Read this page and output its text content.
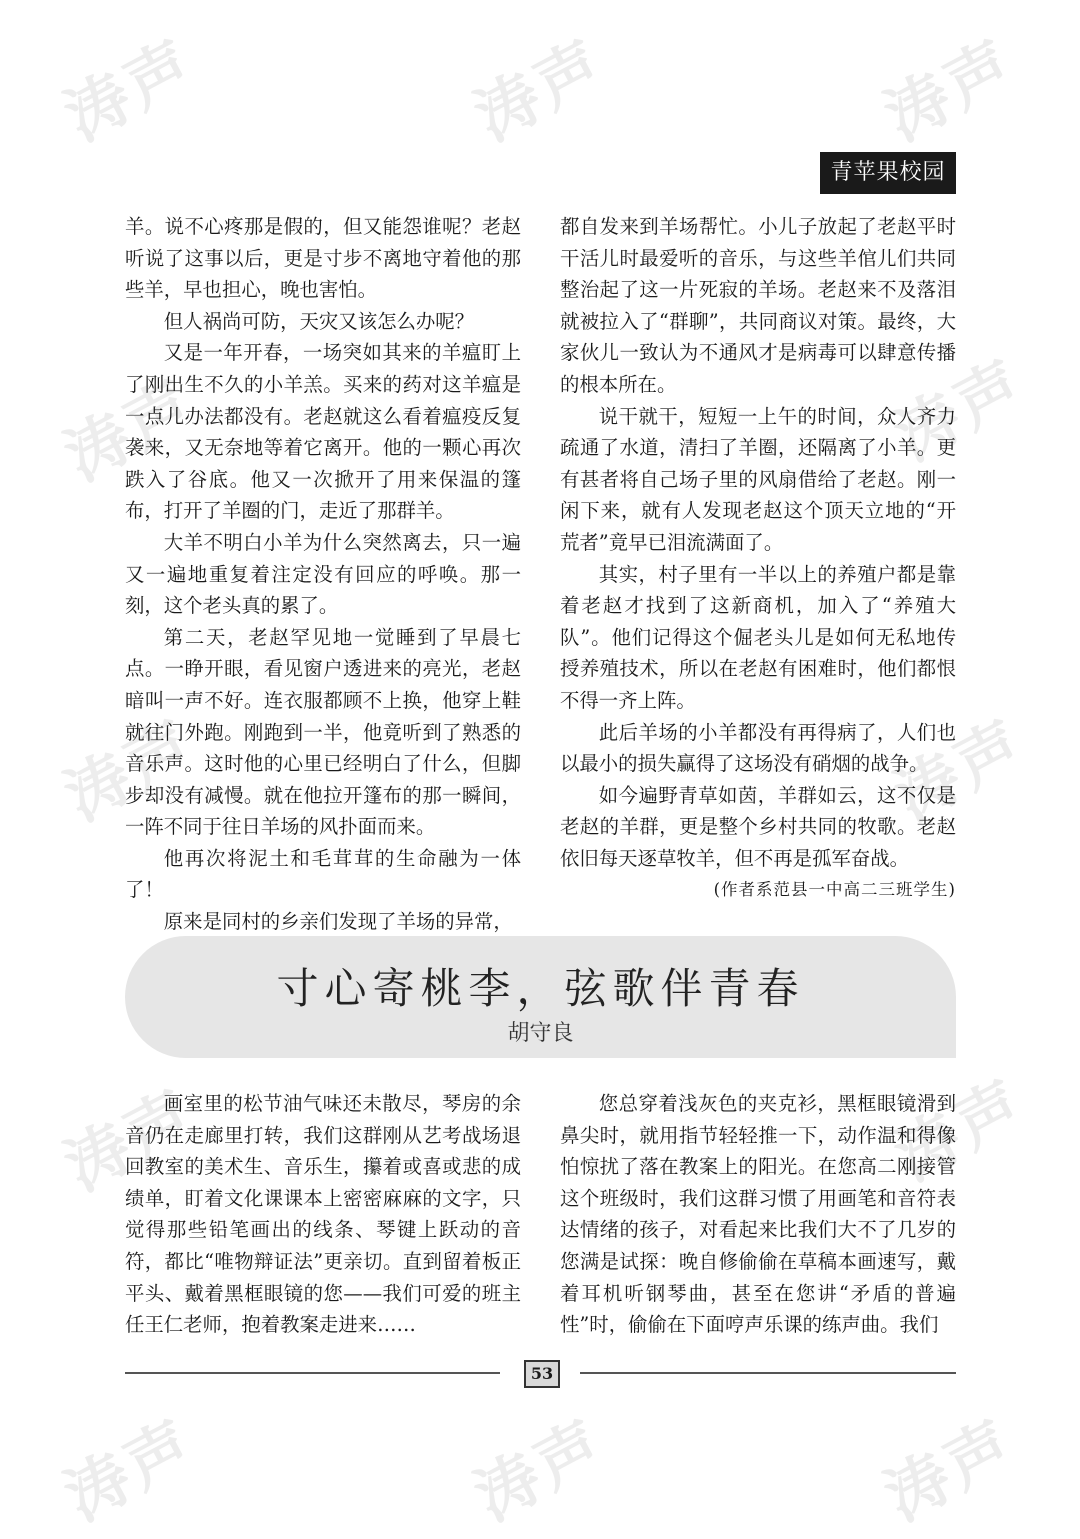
涛声	涛声	涛声
涛声	涛声
涛声	涛声
涛声	涛声
涛声	涛声	涛声
青苹果校园

羊。说不心疼那是假的，但又能怨谁呢？老赵听说了这事以后，更是寸步不离地守着他的那些羊，早也担心，晚也害怕。

但人祸尚可防，天灾又该怎么办呢？

又是一年开春，一场突如其来的羊瘟盯上了刚出生不久的小羊羔。买来的药对这羊瘟是一点儿办法都没有。老赵就这么看着瘟疫反复袭来，又无奈地等着它离开。他的一颗心再次跌入了谷底。他又一次掀开了用来保温的篷布，打开了羊圈的门，走近了那群羊。

大羊不明白小羊为什么突然离去，只一遍又一遍地重复着注定没有回应的呼唤。那一刻，这个老头真的累了。

第二天，老赵罕见地一觉睡到了早晨七点。一睁开眼，看见窗户透进来的亮光，老赵暗叫一声不好。连衣服都顾不上换，他穿上鞋就往门外跑。刚跑到一半，他竟听到了熟悉的音乐声。这时他的心里已经明白了什么，但脚步却没有减慢。就在他拉开篷布的那一瞬间，一阵不同于往日羊场的风扑面而来。

他再次将泥土和毛茸茸的生命融为一体了！

原来是同村的乡亲们发现了羊场的异常，

都自发来到羊场帮忙。小儿子放起了老赵平时干活儿时最爱听的音乐，与这些羊倌儿们共同整治起了这一片死寂的羊场。老赵来不及落泪就被拉入了“群聊”，共同商议对策。最终，大家伙儿一致认为不通风才是病毒可以肆意传播的根本所在。

说干就干，短短一上午的时间，众人齐力疏通了水道，清扫了羊圈，还隔离了小羊。更有甚者将自己场子里的风扇借给了老赵。刚一闲下来，就有人发现老赵这个顶天立地的“开荒者”竟早已泪流满面了。

其实，村子里有一半以上的养殖户都是靠着老赵才找到了这新商机，加入了“养殖大队”。他们记得这个倔老头儿是如何无私地传授养殖技术，所以在老赵有困难时，他们都恨不得一齐上阵。

此后羊场的小羊都没有再得病了，人们也以最小的损失赢得了这场没有硝烟的战争。

如今遍野青草如茵，羊群如云，这不仅是老赵的羊群，更是整个乡村共同的牧歌。老赵依旧每天逐草牧羊，但不再是孤军奋战。

(作者系范县一中高二三班学生)

寸心寄桃李，弦歌伴青春
胡守良

画室里的松节油气味还未散尽，琴房的余音仍在走廊里打转，我们这群刚从艺考战场退回教室的美术生、音乐生，攥着或喜或悲的成绩单，盯着文化课课本上密密麻麻的文字，只觉得那些铅笔画出的线条、琴键上跃动的音符，都比“唯物辩证法”更亲切。直到留着板正平头、戴着黑框眼镜的您——我们可爱的班主任王仁老师，抱着教案走进来……

您总穿着浅灰色的夹克衫，黑框眼镜滑到鼻尖时，就用指节轻轻推一下，动作温和得像怕惊扰了落在教案上的阳光。在您高二刚接管这个班级时，我们这群习惯了用画笔和音符表达情绪的孩子，对看起来比我们大不了几岁的您满是试探：晚自修偷偷在草稿本画速写，戴着耳机听钢琴曲，甚至在您讲“矛盾的普遍性”时，偷偷在下面哼声乐课的练声曲。我们

53
